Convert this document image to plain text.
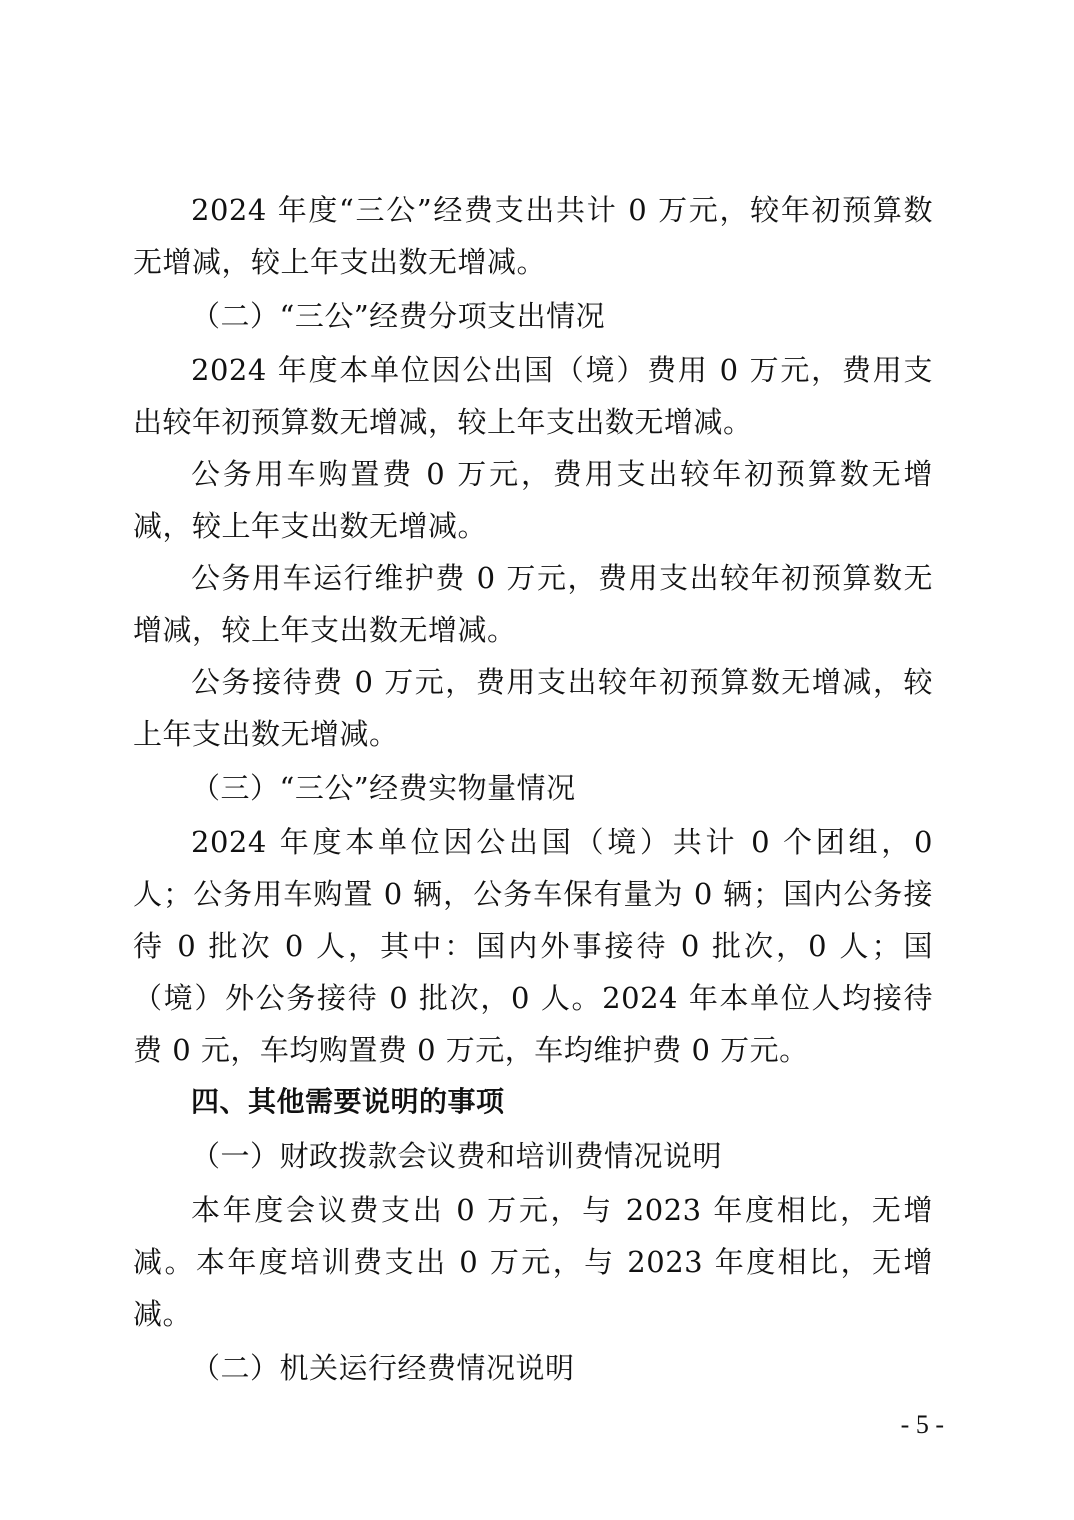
2024 年度“三公”经费支出共计 0 万元，较年初预算数无增减，较上年支出数无增减。

（二）“三公”经费分项支出情况

2024 年度本单位因公出国（境）费用 0 万元，费用支出较年初预算数无增减，较上年支出数无增减。

公务用车购置费 0 万元，费用支出较年初预算数无增减，较上年支出数无增减。

公务用车运行维护费 0 万元，费用支出较年初预算数无增减，较上年支出数无增减。

公务接待费 0 万元，费用支出较年初预算数无增减，较上年支出数无增减。

（三）“三公”经费实物量情况

2024 年度本单位因公出国（境）共计 0 个团组，0 人；公务用车购置 0 辆，公务车保有量为 0 辆；国内公务接待 0 批次 0 人，其中：国内外事接待 0 批次，0 人；国（境）外公务接待 0 批次，0 人。2024 年本单位人均接待费 0 元，车均购置费 0 万元，车均维护费 0 万元。

四、其他需要说明的事项

（一）财政拨款会议费和培训费情况说明

本年度会议费支出 0 万元，与 2023 年度相比，无增减。本年度培训费支出 0 万元，与 2023 年度相比，无增减。

（二）机关运行经费情况说明

- 5 -
